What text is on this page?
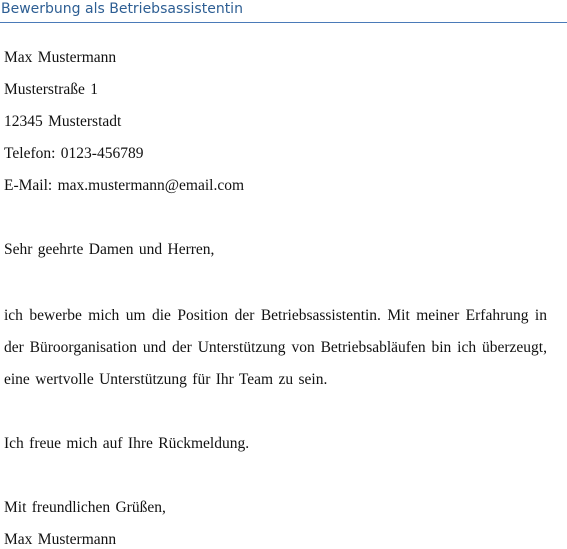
Bewerbung als Betriebsassistentin
Max Mustermann
Musterstraße 1
12345 Musterstadt
Telefon: 0123-456789
E-Mail: max.mustermann@email.com
Sehr geehrte Damen und Herren,
ich bewerbe mich um die Position der Betriebsassistentin. Mit meiner Erfahrung in
der Büroorganisation und der Unterstützung von Betriebsabläufen bin ich überzeugt,
eine wertvolle Unterstützung für Ihr Team zu sein.
Ich freue mich auf Ihre Rückmeldung.
Mit freundlichen Grüßen,
Max Mustermann
